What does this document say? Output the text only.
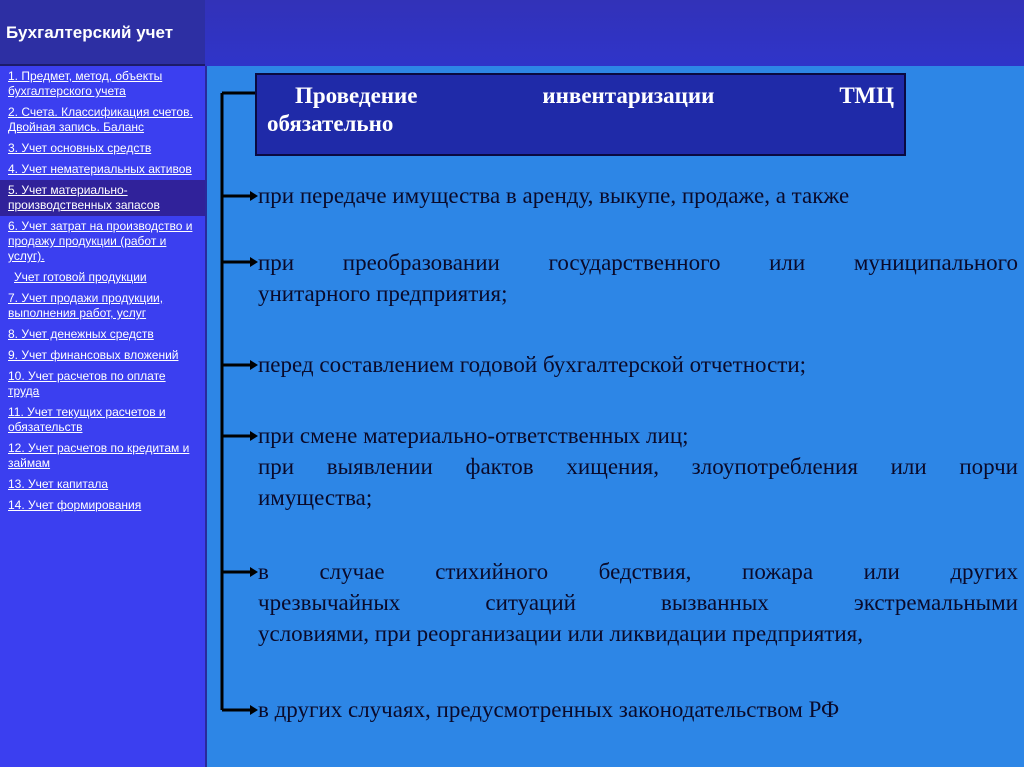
Бухгалтерский учет
1. Предмет, метод, объекты бухгалтерского учета
2. Счета. Классификация счетов. Двойная запись. Баланс
3. Учет основных средств
4. Учет нематериальных активов
5. Учет материально-производственных запасов
6. Учет затрат на производство и продажу продукции (работ и услуг).
Учет готовой продукции
7. Учет продажи продукции, выполнения работ, услуг
8. Учет денежных средств
9. Учет финансовых вложений
10. Учет расчетов по оплате труда
11. Учет текущих расчетов и обязательств
12. Учет расчетов по кредитам и займам
13. Учет капитала
14. Учет формирования
Проведение	инвентаризации	ТМЦ
обязательно
при передаче имущества в аренду, выкупе, продаже, а также
при преобразовании государственного или муниципального
унитарного предприятия;
перед составлением годовой бухгалтерской отчетности;
при смене материально-ответственных лиц;
при выявлении фактов хищения, злоупотребления или порчи
имущества;
в случае стихийного бедствия, пожара или других
чрезвычайных ситуаций вызванных экстремальными
условиями, при реорганизации или ликвидации предприятия,
в других случаях, предусмотренных законодательством РФ
